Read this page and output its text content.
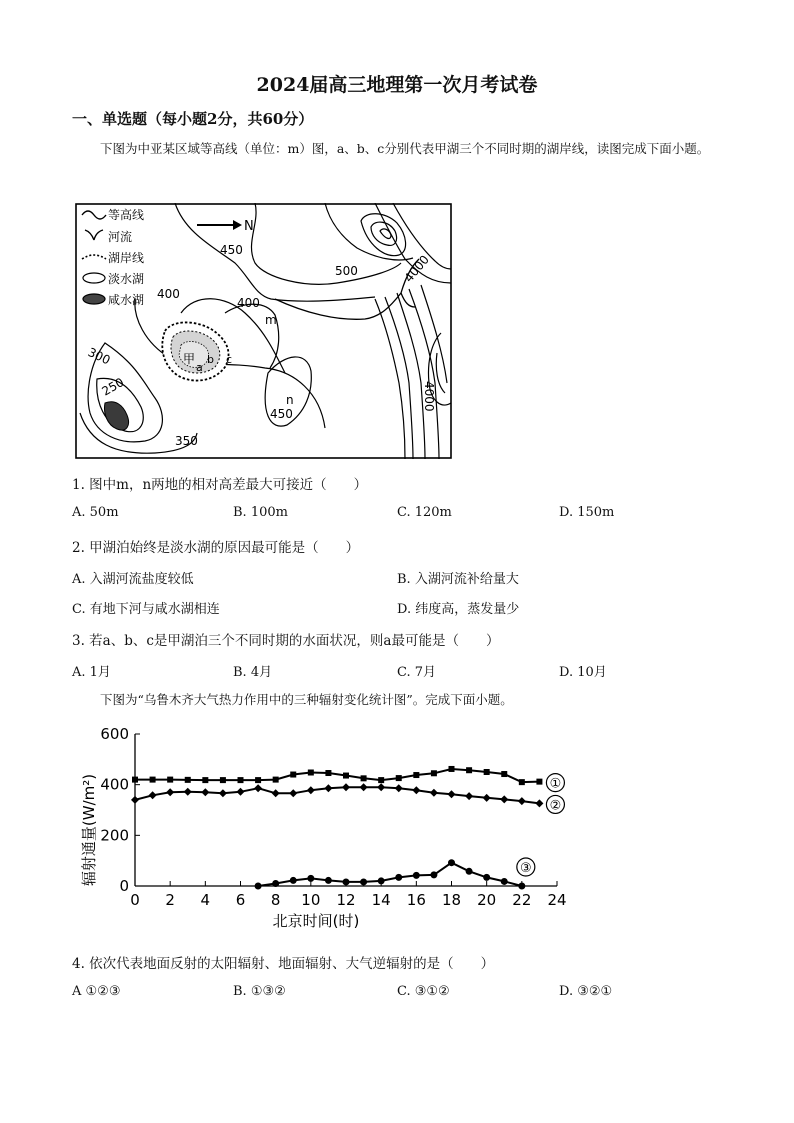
2024届高三地理第一次月考试卷
一、单选题（每小题2分，共60分）
下图为中亚某区域等高线（单位：m）图，a、b、c分别代表甲湖三个不同时期的湖岸线，读图完成下面小题。
等高线
河流
湖岸线
淡水湖
咸水湖
N
450
500	4000
400
400
m
甲
a
b c
4000
300
250
450
n
350
1. 图中m，n两地的相对高差最大可接近（　　）
A. 50m	B. 100m	C. 120m	D. 150m
2. 甲湖泊始终是淡水湖的原因最可能是（　　）
A. 入湖河流盐度较低	B. 入湖河流补给量大
C. 有地下河与咸水湖相连	D. 纬度高，蒸发量少
3. 若a、b、c是甲湖泊三个不同时期的水面状况，则a最可能是（　　）
A. 1月	B. 4月	C. 7月	D. 10月
下图为“乌鲁木齐大气热力作用中的三种辐射变化统计图”。完成下面小题。
0 2 4 6 8 10 12 14 16 18 20 22 24
0
200
400
600
北京时间(时)
辐射通量(W/m²)	①
②
③
4. 依次代表地面反射的太阳辐射、地面辐射、大气逆辐射的是（　　）
A ①②③	B. ①③②	C. ③①②	D. ③②①
